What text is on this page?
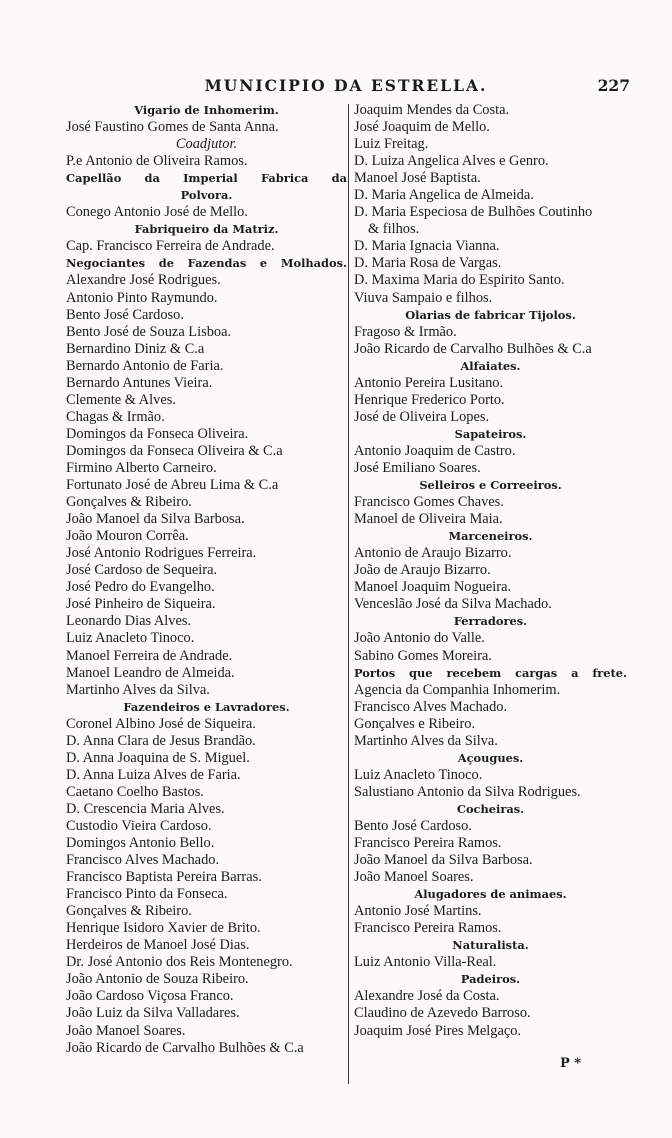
MUNICIPIO DA ESTRELLA.	227
Vigario de Inhomerim.
José Faustino Gomes de Santa Anna.
Coadjutor.
P.e Antonio de Oliveira Ramos.
Capellão da Imperial Fabrica da
Polvora.
Conego Antonio José de Mello.
Fabriqueiro da Matriz.
Cap. Francisco Ferreira de Andrade.
Negociantes de Fazendas e Molhados.
Alexandre José Rodrigues.
Antonio Pinto Raymundo.
Bento José Cardoso.
Bento José de Souza Lisboa.
Bernardino Diniz & C.a
Bernardo Antonio de Faria.
Bernardo Antunes Vieira.
Clemente & Alves.
Chagas & Irmão.
Domingos da Fonseca Oliveira.
Domingos da Fonseca Oliveira & C.a
Firmino Alberto Carneiro.
Fortunato José de Abreu Lima & C.a
Gonçalves & Ribeiro.
João Manoel da Silva Barbosa.
João Mouron Corrêa.
José Antonio Rodrigues Ferreira.
José Cardoso de Sequeira.
José Pedro do Evangelho.
José Pinheiro de Siqueira.
Leonardo Dias Alves.
Luiz Anacleto Tinoco.
Manoel Ferreira de Andrade.
Manoel Leandro de Almeida.
Martinho Alves da Silva.
Fazendeiros e Lavradores.
Coronel Albino José de Siqueira.
D. Anna Clara de Jesus Brandão.
D. Anna Joaquina de S. Miguel.
D. Anna Luiza Alves de Faria.
Caetano Coelho Bastos.
D. Crescencia Maria Alves.
Custodio Vieira Cardoso.
Domingos Antonio Bello.
Francisco Alves Machado.
Francisco Baptista Pereira Barras.
Francisco Pinto da Fonseca.
Gonçalves & Ribeiro.
Henrique Isidoro Xavier de Brito.
Herdeiros de Manoel José Dias.
Dr. José Antonio dos Reis Montenegro.
João Antonio de Souza Ribeiro.
João Cardoso Viçosa Franco.
João Luiz da Silva Valladares.
João Manoel Soares.
João Ricardo de Carvalho Bulhões & C.a
Joaquim Mendes da Costa.
José Joaquim de Mello.
Luiz Freitag.
D. Luiza Angelica Alves e Genro.
Manoel José Baptista.
D. Maria Angelica de Almeida.
D. Maria Especiosa de Bulhões Coutinho
& filhos.
D. Maria Ignacia Vianna.
D. Maria Rosa de Vargas.
D. Maxima Maria do Espirito Santo.
Viuva Sampaio e filhos.
Olarias de fabricar Tijolos.
Fragoso & Irmão.
João Ricardo de Carvalho Bulhões & C.a
Alfaiates.
Antonio Pereira Lusitano.
Henrique Frederico Porto.
José de Oliveira Lopes.
Sapateiros.
Antonio Joaquim de Castro.
José Emiliano Soares.
Selleiros e Correeiros.
Francisco Gomes Chaves.
Manoel de Oliveira Maia.
Marceneiros.
Antonio de Araujo Bizarro.
João de Araujo Bizarro.
Manoel Joaquim Nogueira.
Venceslão José da Silva Machado.
Ferradores.
João Antonio do Valle.
Sabino Gomes Moreira.
Portos que recebem cargas a frete.
Agencia da Companhia Inhomerim.
Francisco Alves Machado.
Gonçalves e Ribeiro.
Martinho Alves da Silva.
Açougues.
Luiz Anacleto Tinoco.
Salustiano Antonio da Silva Rodrigues.
Cocheiras.
Bento José Cardoso.
Francisco Pereira Ramos.
João Manoel da Silva Barbosa.
João Manoel Soares.
Alugadores de animaes.
Antonio José Martins.
Francisco Pereira Ramos.
Naturalista.
Luiz Antonio Villa-Real.
Padeiros.
Alexandre José da Costa.
Claudino de Azevedo Barroso.
Joaquim José Pires Melgaço.
P *
